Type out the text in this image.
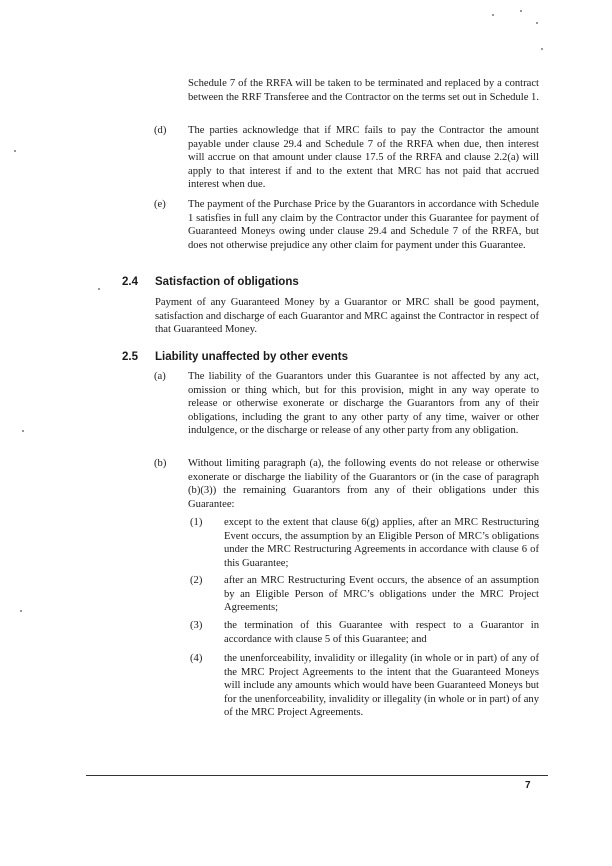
Schedule 7 of the RRFA will be taken to be terminated and replaced by a contract between the RRF Transferee and the Contractor on the terms set out in Schedule 1.

(d) The parties acknowledge that if MRC fails to pay the Contractor the amount payable under clause 29.4 and Schedule 7 of the RRFA when due, then interest will accrue on that amount under clause 17.5 of the RRFA and clause 2.2(a) will apply to that interest if and to the extent that MRC has not paid that accrued interest when due.

(e) The payment of the Purchase Price by the Guarantors in accordance with Schedule 1 satisfies in full any claim by the Contractor under this Guarantee for payment of Guaranteed Moneys owing under clause 29.4 and Schedule 7 of the RRFA, but does not otherwise prejudice any other claim for payment under this Guarantee.

2.4 Satisfaction of obligations

Payment of any Guaranteed Money by a Guarantor or MRC shall be good payment, satisfaction and discharge of each Guarantor and MRC against the Contractor in respect of that Guaranteed Money.

2.5 Liability unaffected by other events
(a) The liability of the Guarantors under this Guarantee is not affected by any act, omission or thing which, but for this provision, might in any way operate to release or otherwise exonerate or discharge the Guarantors from any of their obligations, including the grant to any other party of any time, waiver or other indulgence, or the discharge or release of any other party from any obligation.

(b) Without limiting paragraph (a), the following events do not release or otherwise exonerate or discharge the liability of the Guarantors or (in the case of paragraph (b)(3)) the remaining Guarantors from any of their obligations under this Guarantee:

(1) except to the extent that clause 6(g) applies, after an MRC Restructuring Event occurs, the assumption by an Eligible Person of MRC’s obligations under the MRC Restructuring Agreements in accordance with clause 6 of this Guarantee;

(2) after an MRC Restructuring Event occurs, the absence of an assumption by an Eligible Person of MRC’s obligations under the MRC Project Agreements;

(3) the termination of this Guarantee with respect to a Guarantor in accordance with clause 5 of this Guarantee; and

(4) the unenforceability, invalidity or illegality (in whole or in part) of any of the MRC Project Agreements to the intent that the Guaranteed Moneys will include any amounts which would have been Guaranteed Moneys but for the unenforceability, invalidity or illegality (in whole or in part) of any of the MRC Project Agreements.

7
